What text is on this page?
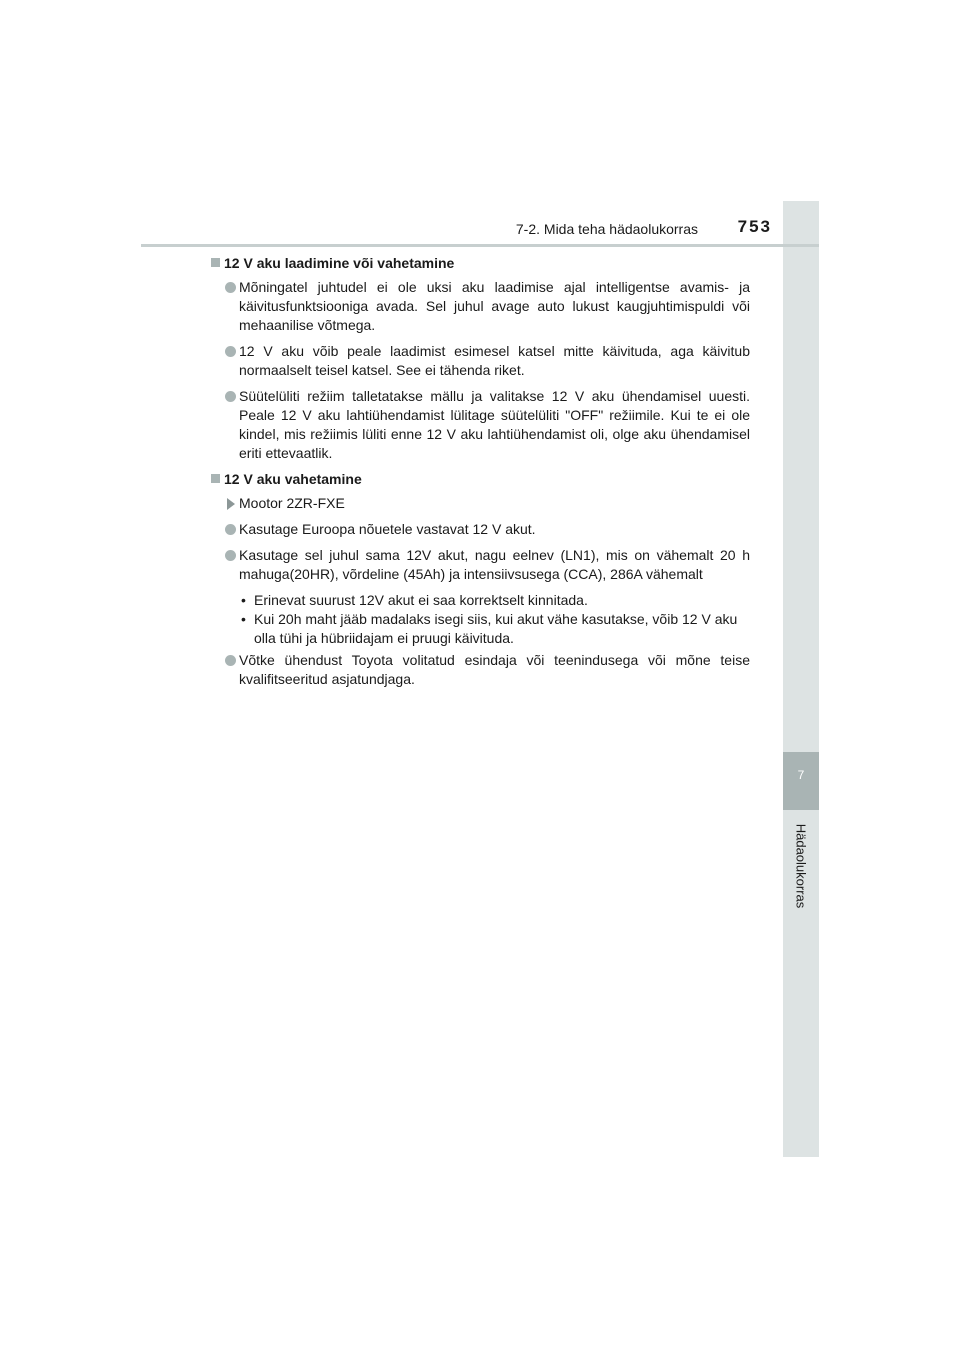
7
Hädaolukorras
7-2. Mida teha hädaolukorras	753
12 V aku laadimine või vahetamine
Mõningatel juhtudel ei ole uksi aku laadimise ajal intelligentse avamis- ja käivitusfunktsiooniga avada. Sel juhul avage auto lukust kaugjuhtimispuldi või mehaanilise võtmega.
12 V aku võib peale laadimist esimesel katsel mitte käivituda, aga käivitub normaalselt teisel katsel. See ei tähenda riket.
Süütelüliti režiim talletatakse mällu ja valitakse 12 V aku ühendamisel uuesti. Peale 12 V aku lahtiühendamist lülitage süütelüliti "OFF" režiimile. Kui te ei ole kindel, mis režiimis lüliti enne 12 V aku lahtiühendamist oli, olge aku ühendamisel eriti ettevaatlik.
12 V aku vahetamine
Mootor 2ZR-FXE
Kasutage Euroopa nõuetele vastavat 12 V akut.
Kasutage sel juhul sama 12V akut, nagu eelnev (LN1), mis on vähemalt 20 h mahuga(20HR), võrdeline (45Ah) ja intensiivsusega (CCA), 286A vähemalt
• Erinevat suurust 12V akut ei saa korrektselt kinnitada.
• Kui 20h maht jääb madalaks isegi siis, kui akut vähe kasutakse, võib 12 V aku olla tühi ja hübriidajam ei pruugi käivituda.
Võtke ühendust Toyota volitatud esindaja või teenindusega või mõne teise kvalifitseeritud asjatundjaga.
